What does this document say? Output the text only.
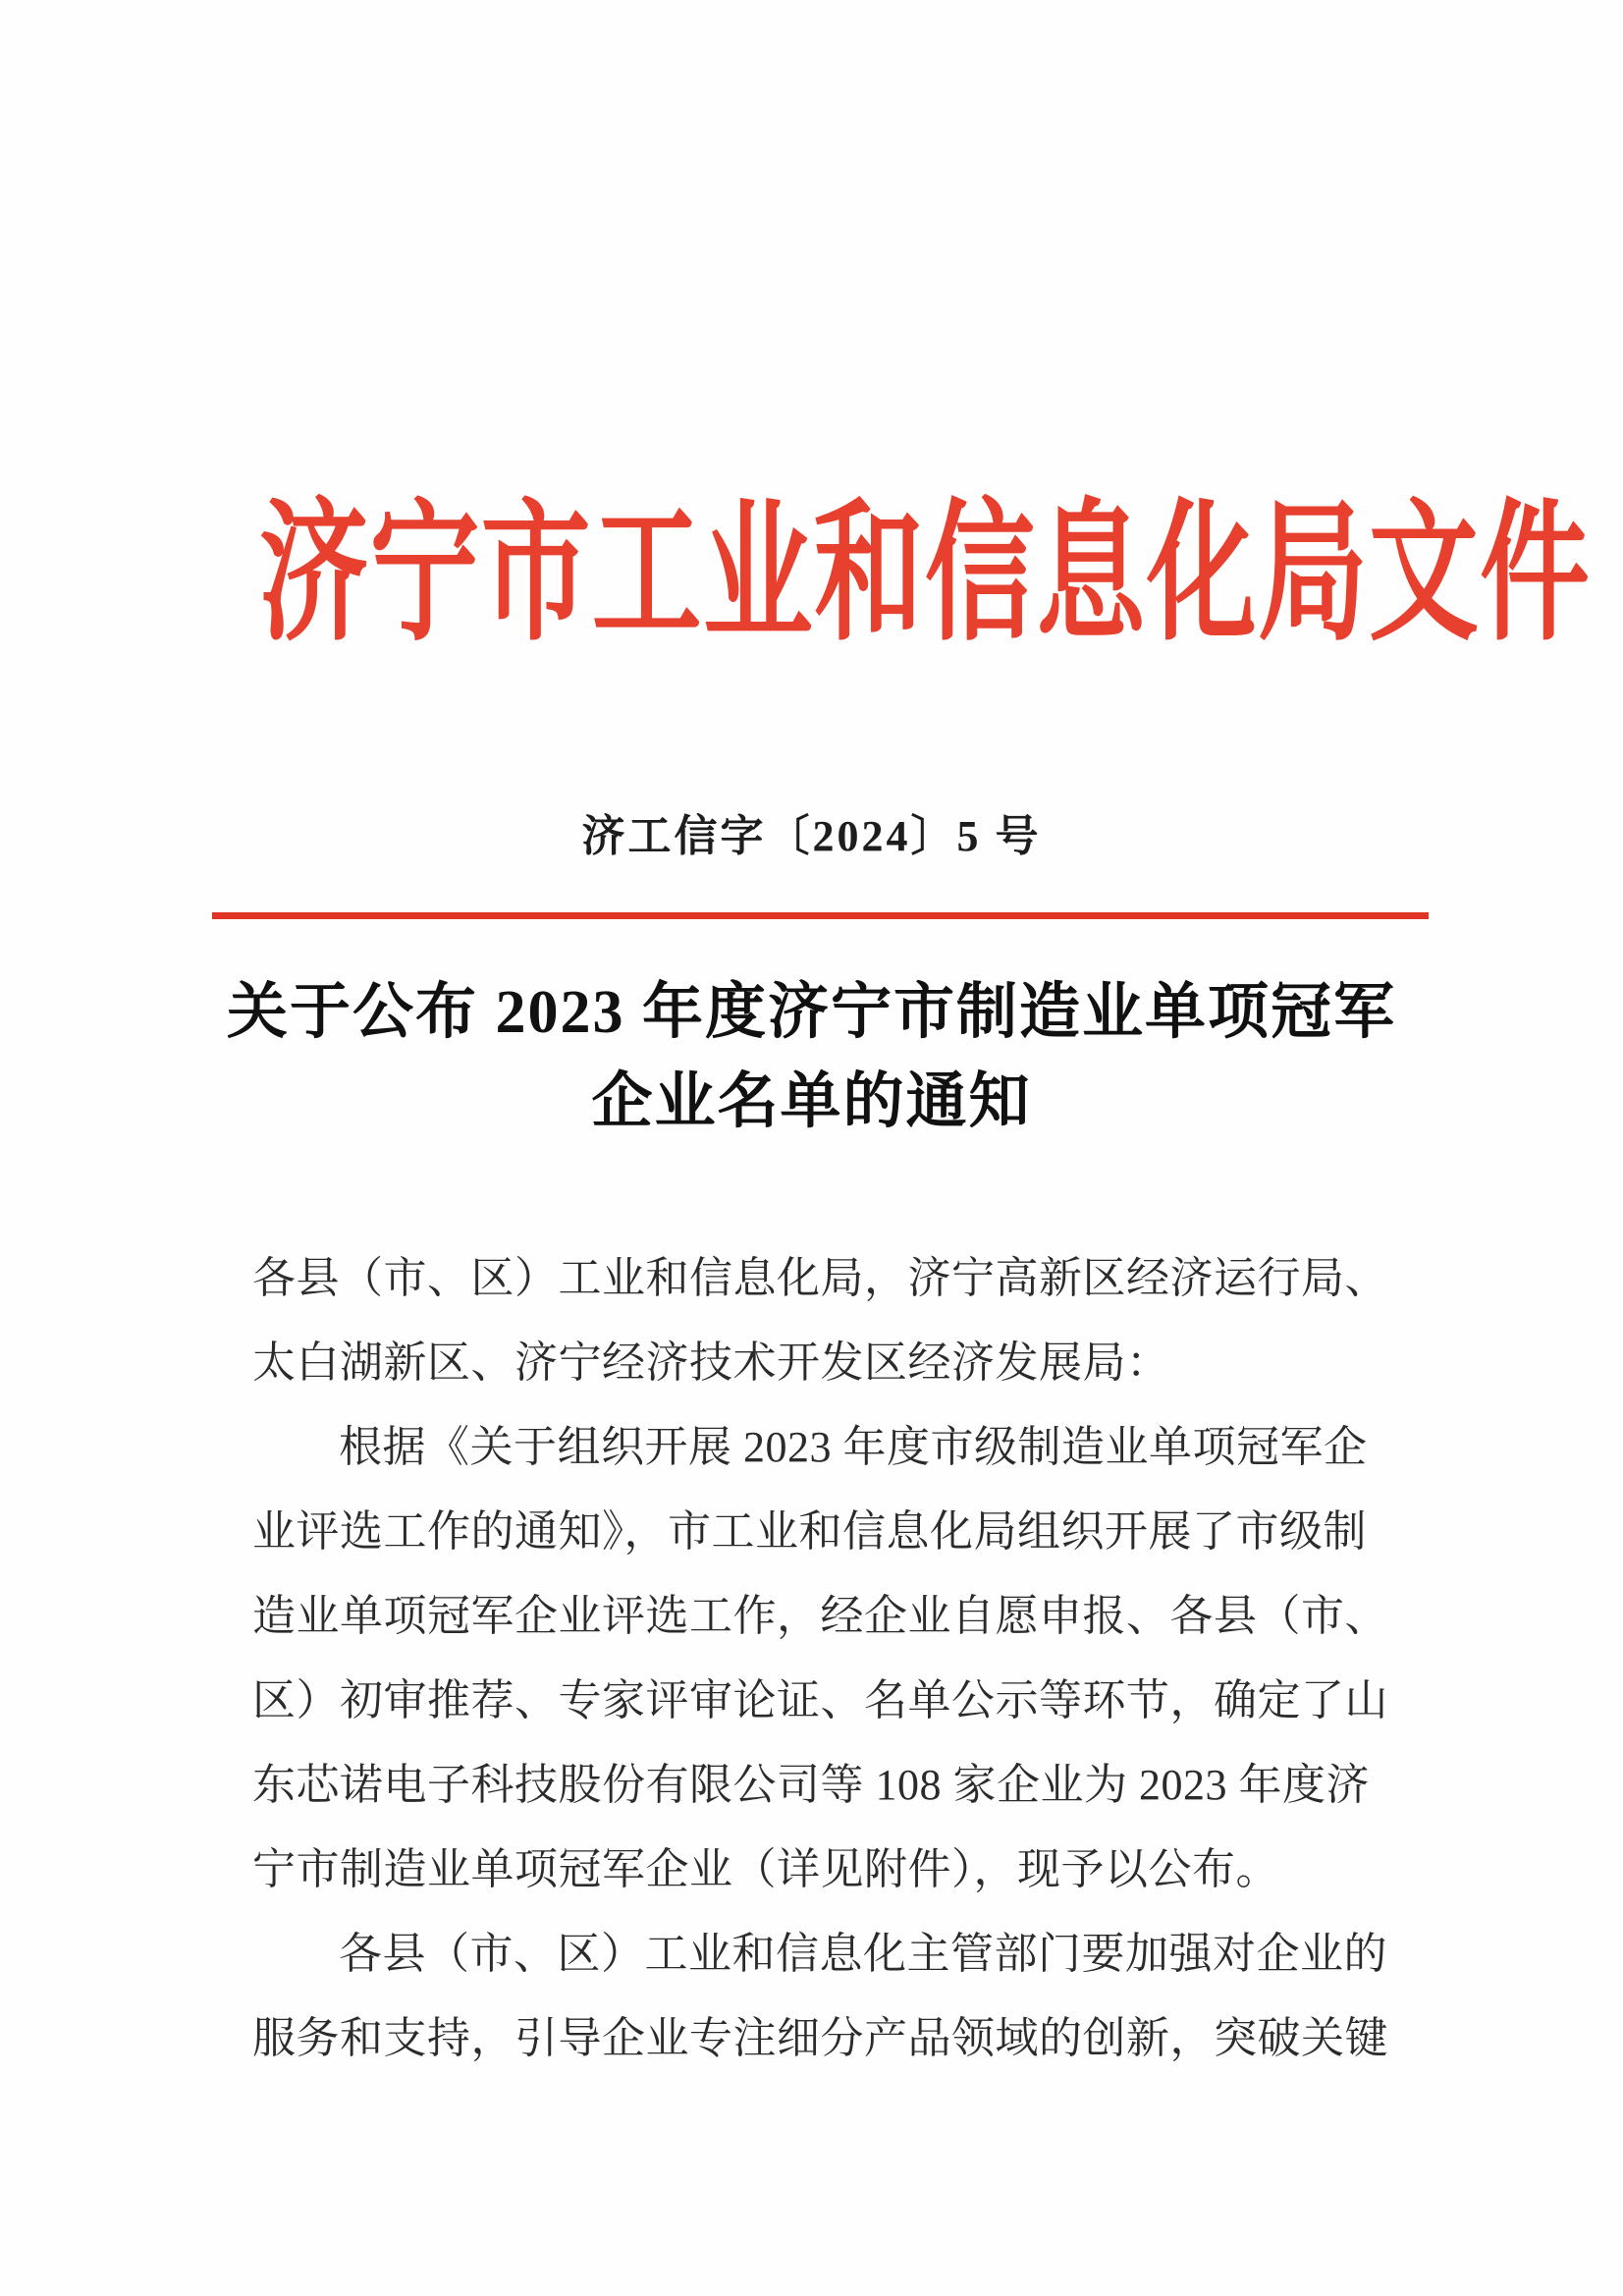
济宁市工业和信息化局文件
济工信字〔2024〕5 号
关于公布 2023 年度济宁市制造业单项冠军
企业名单的通知

各县（市、区）工业和信息化局，济宁高新区经济运行局、

太白湖新区、济宁经济技术开发区经济发展局：

根据《关于组织开展 2023 年度市级制造业单项冠军企

业评选工作的通知》，市工业和信息化局组织开展了市级制

造业单项冠军企业评选工作，经企业自愿申报、各县（市、

区）初审推荐、专家评审论证、名单公示等环节，确定了山

东芯诺电子科技股份有限公司等 108 家企业为 2023 年度济

宁市制造业单项冠军企业（详见附件），现予以公布。

各县（市、区）工业和信息化主管部门要加强对企业的

服务和支持，引导企业专注细分产品领域的创新，突破关键
